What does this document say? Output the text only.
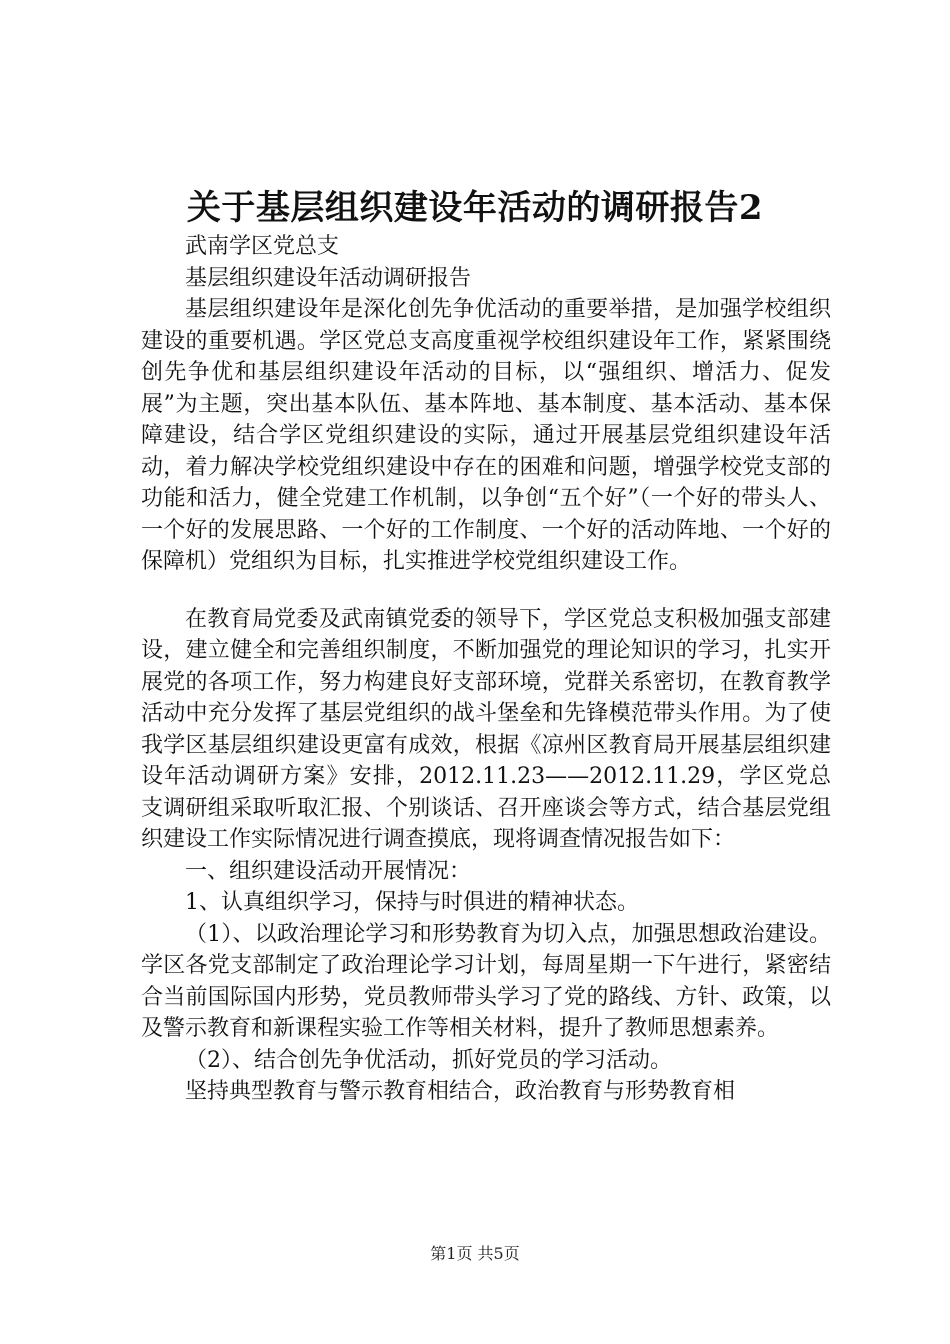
关于基层组织建设年活动的调研报告2

武南学区党总支

基层组织建设年活动调研报告

基层组织建设年是深化创先争优活动的重要举措，是加强学校组织建设的重要机遇。学区党总支高度重视学校组织建设年工作，紧紧围绕创先争优和基层组织建设年活动的目标，以“强组织、增活力、促发展”为主题，突出基本队伍、基本阵地、基本制度、基本活动、基本保障建设，结合学区党组织建设的实际，通过开展基层党组织建设年活动，着力解决学校党组织建设中存在的困难和问题，增强学校党支部的功能和活力，健全党建工作机制，以争创“五个好”（一个好的带头人、一个好的发展思路、一个好的工作制度、一个好的活动阵地、一个好的保障机）党组织为目标，扎实推进学校党组织建设工作。

在教育局党委及武南镇党委的领导下，学区党总支积极加强支部建设，建立健全和完善组织制度，不断加强党的理论知识的学习，扎实开展党的各项工作，努力构建良好支部环境，党群关系密切，在教育教学活动中充分发挥了基层党组织的战斗堡垒和先锋模范带头作用。为了使我学区基层组织建设更富有成效，根据《凉州区教育局开展基层组织建设年活动调研方案》安排，2012.11.23——2012.11.29，学区党总支调研组采取听取汇报、个别谈话、召开座谈会等方式，结合基层党组织建设工作实际情况进行调查摸底，现将调查情况报告如下：

一、组织建设活动开展情况：

1、认真组织学习，保持与时俱进的精神状态。

（1）、以政治理论学习和形势教育为切入点，加强思想政治建设。学区各党支部制定了政治理论学习计划，每周星期一下午进行，紧密结合当前国际国内形势，党员教师带头学习了党的路线、方针、政策，以及警示教育和新课程实验工作等相关材料，提升了教师思想素养。

（2）、结合创先争优活动，抓好党员的学习活动。

坚持典型教育与警示教育相结合，政治教育与形势教育相

第1页 共5页
